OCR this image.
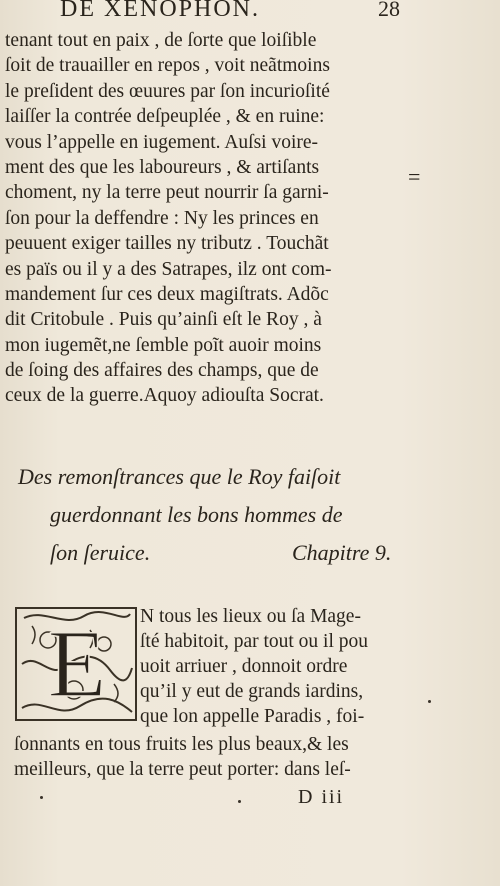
DE XENOPHON.	28
tenant tout en paix , de ſorte que loiſible
ſoit de trauailler en repos , voit neãtmoins
le preſident des œuures par ſon incurioſité
laiſſer la contrée deſpeuplée , & en ruine:
vous l’appelle en iugement. Auſsi voire-
ment des que les laboureurs , & artiſants
choment, ny la terre peut nourrir ſa garni-
ſon pour la deffendre : Ny les princes en
peuuent exiger tailles ny tributz . Touchãt
es païs ou il y a des Satrapes, ilz ont com-
mandement ſur ces deux magiſtrats. Adõc
dit Critobule . Puis qu’ainſi eſt le Roy , à
mon iugemẽt,ne ſemble poĩt auoir moins
de ſoing des affaires des champs, que de
ceux de la guerre.Aquoy adiouſta Socrat.
=
Des remonſtrances que le Roy faiſoit
guerdonnant les bons hommes de
ſon ſeruice.	Chapitre 9.
E N tous les lieux ou ſa Mage-
ſté habitoit, par tout ou il pou
uoit arriuer , donnoit ordre
qu’il y eut de grands iardins,
que lon appelle Paradis , foi-
ſonnants en tous fruits les plus beaux,& les
meilleurs, que la terre peut porter: dans leſ-
D iii
